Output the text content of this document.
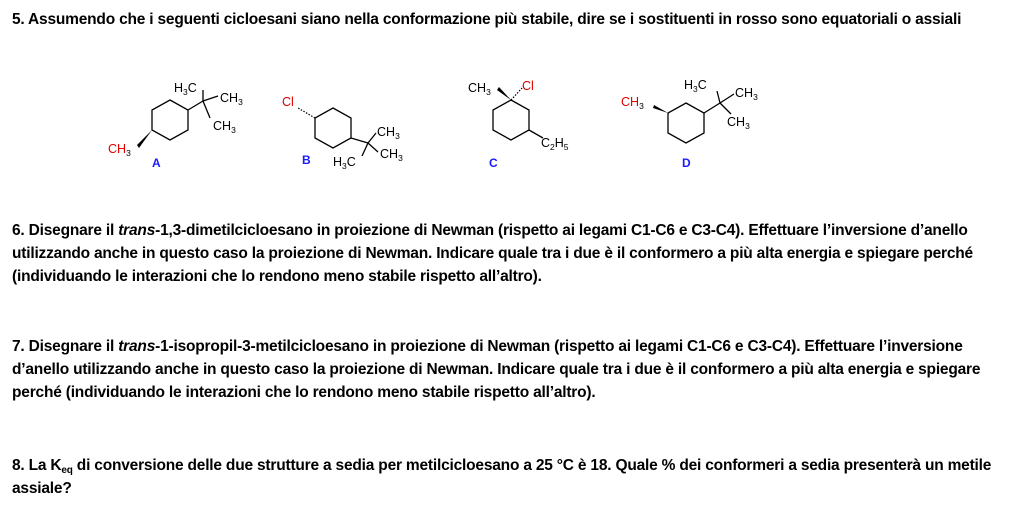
5. Assumendo che i seguenti cicloesani siano nella conformazione più stabile, dire se i sostituenti in rosso sono equatoriali o assiali
$H_3C$
$CH_3$
$CH_3$
$CH_3$
A
Cl
$CH_3$
$CH_3$
$H_3C$
B
$CH_3$ Cl
$C_2H_5$
C
$CH_3$
$H_3C$
$CH_3$
$CH_3$
D
6. Disegnare il trans-1,3-dimetilcicloesano in proiezione di Newman (rispetto ai legami C1-C6 e C3-C4). Effettuare l’inversione d’anello utilizzando anche in questo caso la proiezione di Newman. Indicare quale tra i due è il conformero a più alta energia e spiegare perché (individuando le interazioni che lo rendono meno stabile rispetto all’altro).
7. Disegnare il trans-1-isopropil-3-metilcicloesano in proiezione di Newman (rispetto ai legami C1-C6 e C3-C4). Effettuare l’inversione d’anello utilizzando anche in questo caso la proiezione di Newman. Indicare quale tra i due è il conformero a più alta energia e spiegare perché (individuando le interazioni che lo rendono meno stabile rispetto all’altro).
8. La $K_{eq}$ di conversione delle due strutture a sedia per metilcicloesano a 25 °C è 18. Quale % dei conformeri a sedia presenterà un metile assiale?
